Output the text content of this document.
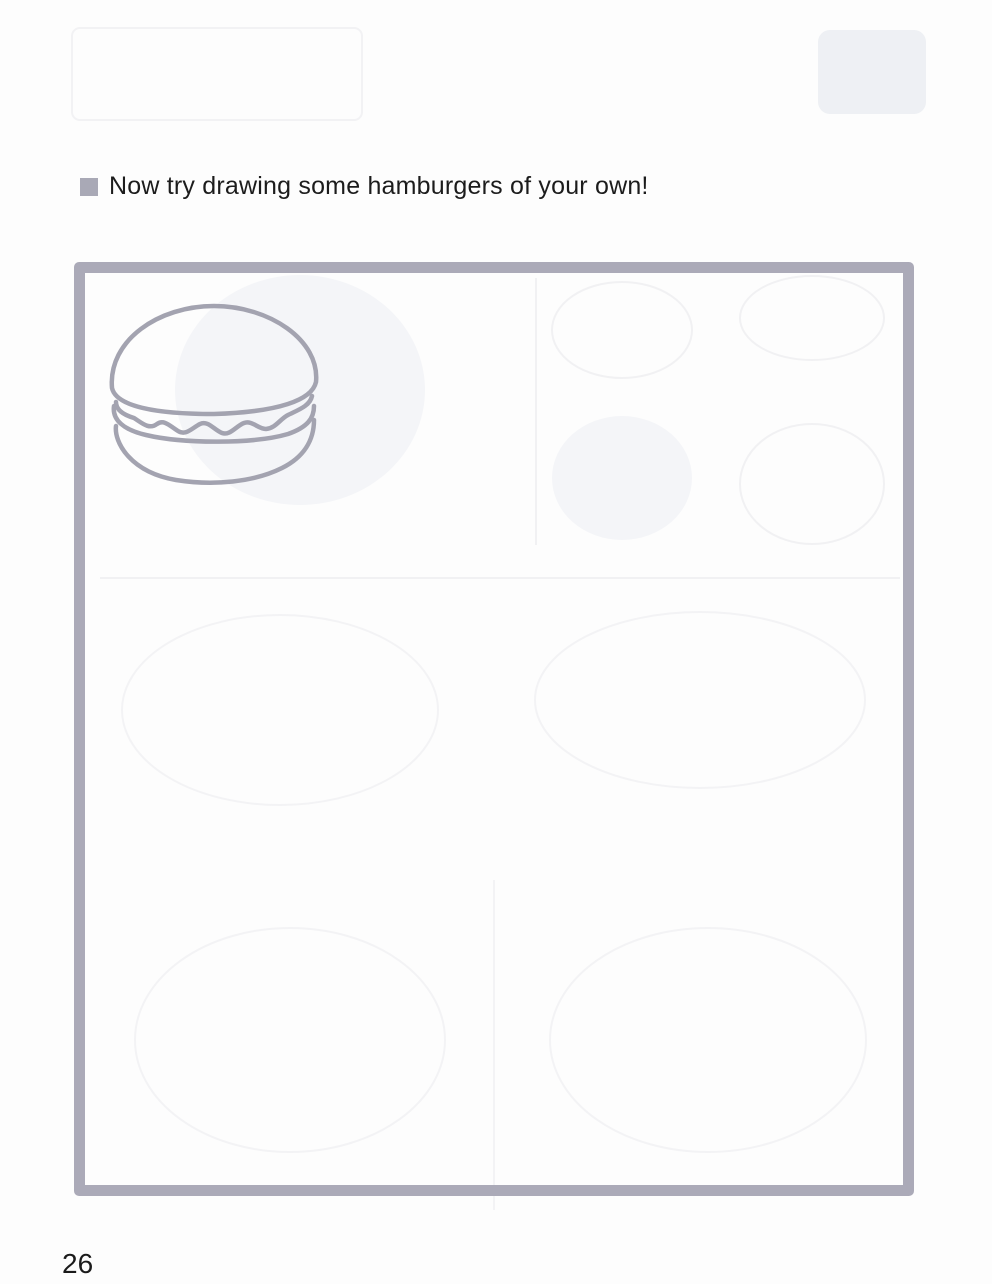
Now try drawing some hamburgers of your own!
26
